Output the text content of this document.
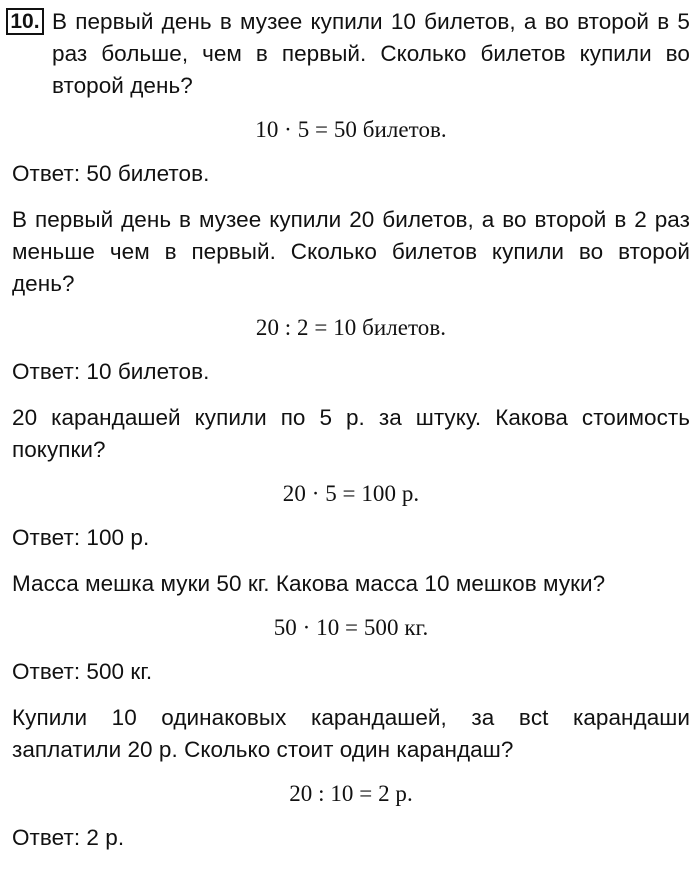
10. В первый день в музее купили 10 билетов, а во второй в 5 раз больше, чем в первый. Сколько билетов купили во второй день?

10 · 5 = 50 билетов.
Ответ: 50 билетов.

В первый день в музее купили 20 билетов, а во второй в 2 раз меньше чем в первый. Сколько билетов купили во второй день?

20 : 2 = 10 билетов.
Ответ: 10 билетов.

20 карандашей купили по 5 р. за штуку. Какова стоимость покупки?

20 · 5 = 100 р.
Ответ: 100 р.

Масса мешка муки 50 кг. Какова масса 10 мешков муки?

50 · 10 = 500 кг.
Ответ: 500 кг.

Купили 10 одинаковых карандашей, за вct карандаши заплатили 20 р. Сколько стоит один карандаш?

20 : 10 = 2 р.
Ответ: 2 р.
